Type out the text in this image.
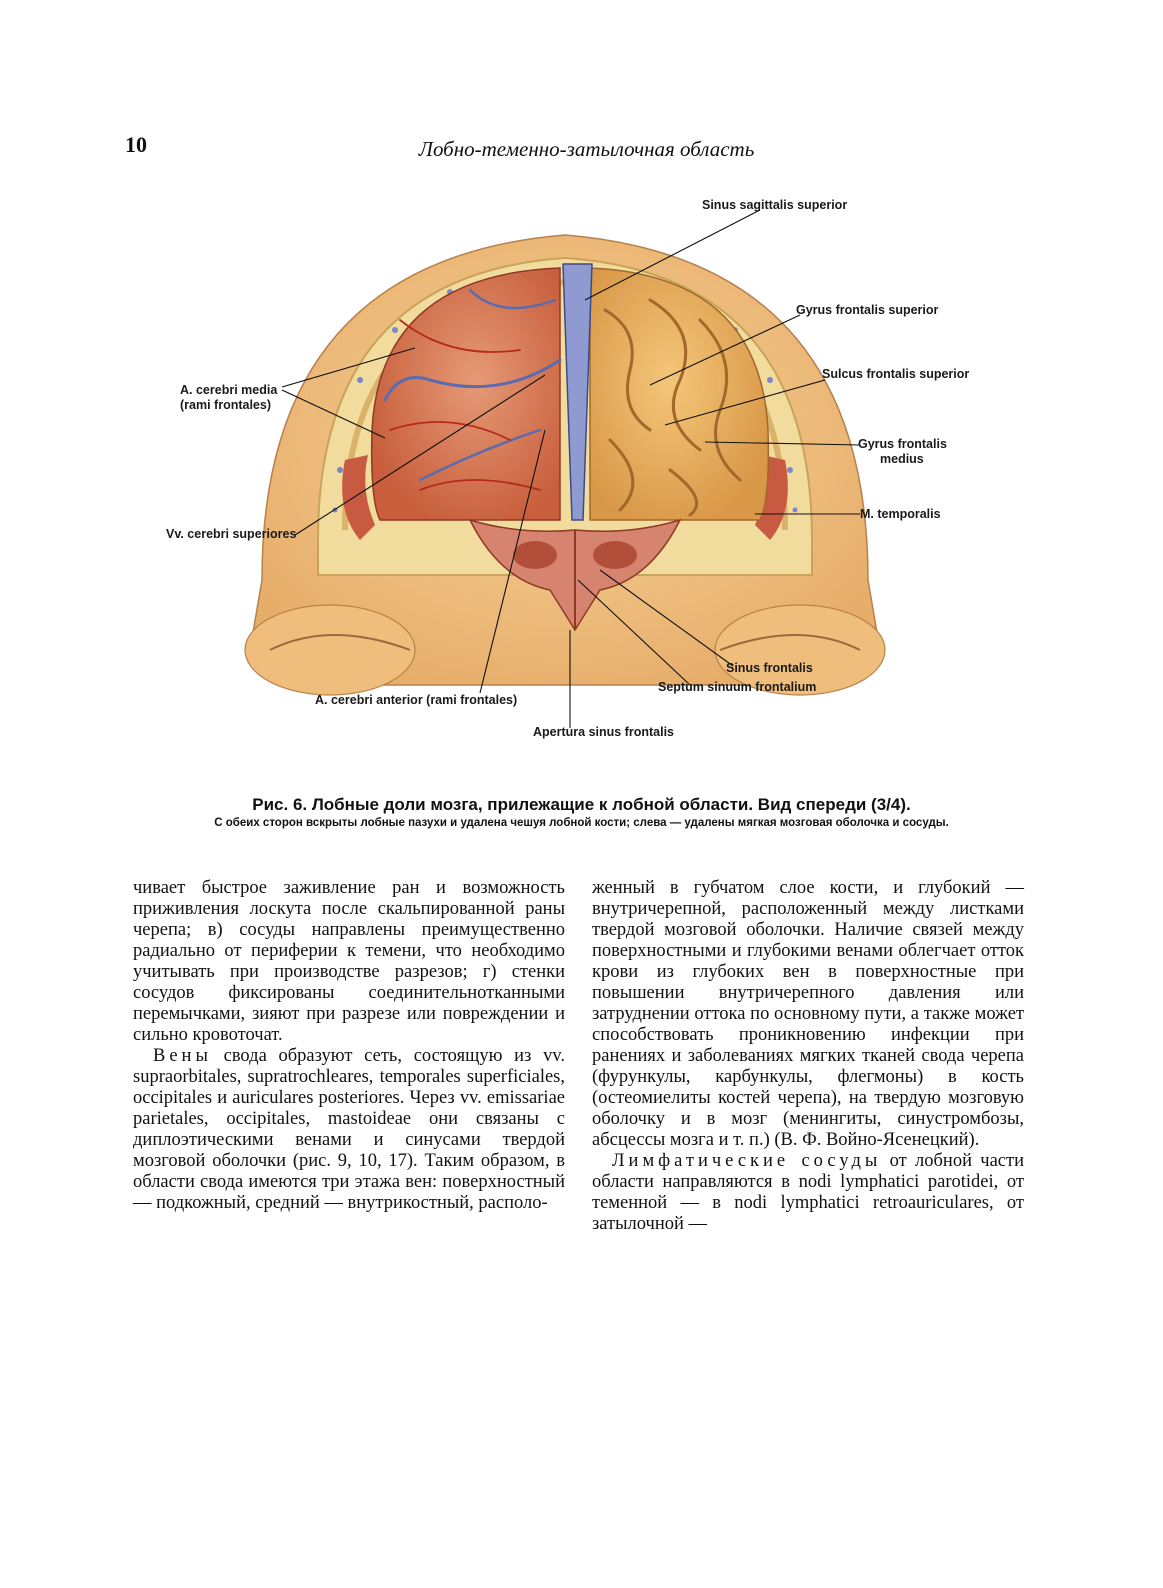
10	Лобно-теменно-затылочная область
Sinus sagittalis superior
Gyrus frontalis superior
Sulcus frontalis superior
Gyrus frontalis
medius
M. temporalis
A. cerebri media
(rami frontales)
Vv. cerebri superiores
A. cerebri anterior (rami frontales)
Apertura sinus frontalis
Sinus frontalis
Septum sinuum frontalium
Рис. 6. Лобные доли мозга, прилежащие к лобной области. Вид спереди (3/4).
С обеих сторон вскрыты лобные пазухи и удалена чешуя лобной кости; слева — удалены мягкая мозговая оболочка и сосуды.

чивает быстрое заживление ран и возможность приживления лоскута после скальпированной раны черепа; в) сосуды направлены преимущественно радиально от периферии к темени, что необходимо учитывать при производстве разрезов; г) стенки сосудов фиксированы соединительнотканными перемычками, зияют при разрезе или повреждении и сильно кровоточат.

Вены свода образуют сеть, состоящую из vv. supraorbitales, supratrochleares, temporales superficiales, occipitales и auriculares posteriores. Через vv. emissariae parietales, occipitales, mastoideae они связаны с диплоэтическими венами и синусами твердой мозговой оболочки (рис. 9, 10, 17). Таким образом, в области свода имеются три этажа вен: поверхностный — подкожный, средний — внутрикостный, располо-

женный в губчатом слое кости, и глубокий — внутричерепной, расположенный между листками твердой мозговой оболочки. Наличие связей между поверхностными и глубокими венами облегчает отток крови из глубоких вен в поверхностные при повышении внутричерепного давления или затруднении оттока по основному пути, а также может способствовать проникновению инфекции при ранениях и заболеваниях мягких тканей свода черепа (фурункулы, карбункулы, флегмоны) в кость (остеомиелиты костей черепа), на твердую мозговую оболочку и в мозг (менингиты, синустромбозы, абсцессы мозга и т. п.) (В. Ф. Войно-Ясенецкий).

Лимфатические сосуды от лобной части области направляются в nodi lymphatici parotidei, от теменной — в nodi lymphatici retroauriculares, от затылочной —
